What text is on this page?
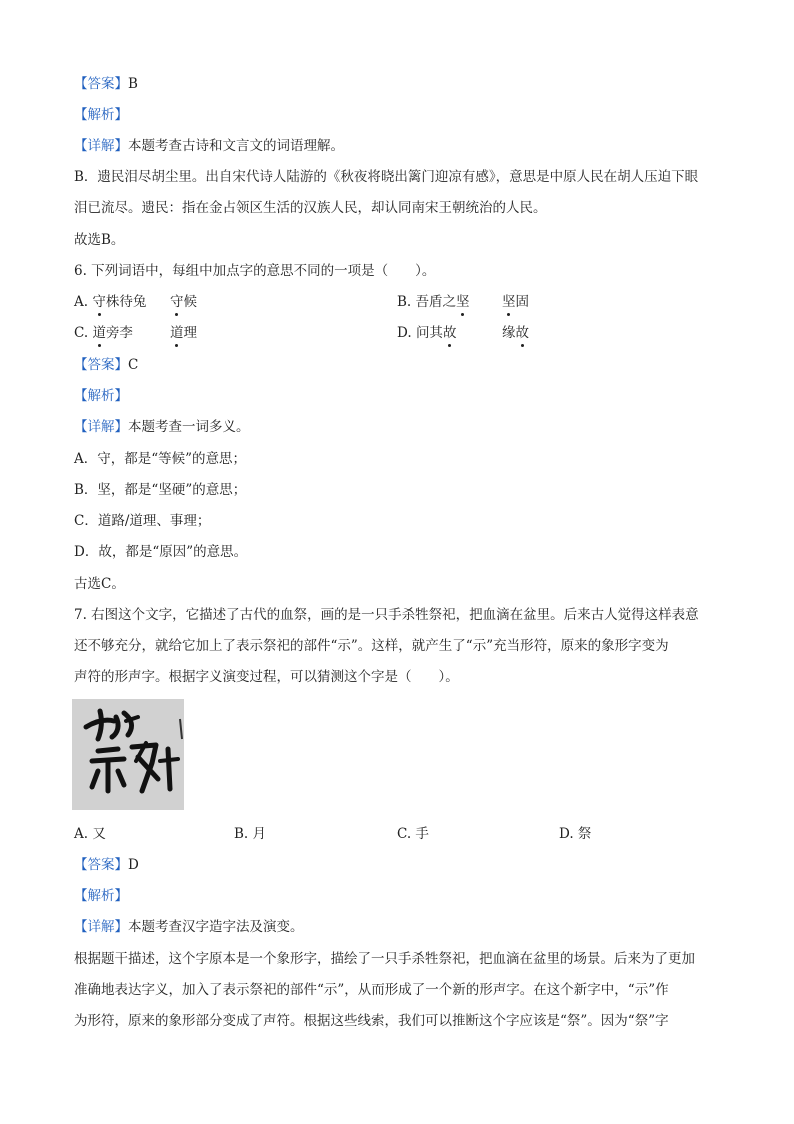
【答案】B
【解析】
【详解】本题考查古诗和文言文的词语理解。
B．遗民泪尽胡尘里。出自宋代诗人陆游的《秋夜将晓出篱门迎凉有感》，意思是中原人民在胡人压迫下眼
泪已流尽。遗民：指在金占领区生活的汉族人民，却认同南宋王朝统治的人民。
故选B。
6. 下列词语中，每组中加点字的意思不同的一项是（　　）。
A. 守株待兔 守候	B. 吾盾之坚 坚固
C. 道旁李	道理	D. 问其故	缘故
【答案】C
【解析】
【详解】本题考查一词多义。
A．守，都是“等候”的意思；
B．坚，都是“坚硬”的意思；
C．道路/道理、事理；
D．故，都是“原因”的意思。
古选C。
7. 右图这个文字，它描述了古代的血祭，画的是一只手杀牲祭祀，把血滴在盆里。后来古人觉得这样表意
还不够充分，就给它加上了表示祭祀的部件“示”。这样，就产生了“示”充当形符，原来的象形字变为
声符的形声字。根据字义演变过程，可以猜测这个字是（　　）。
A. 又	B. 月	C. 手	D. 祭
【答案】D
【解析】
【详解】本题考查汉字造字法及演变。
根据题干描述，这个字原本是一个象形字，描绘了一只手杀牲祭祀，把血滴在盆里的场景。后来为了更加
准确地表达字义，加入了表示祭祀的部件“示”，从而形成了一个新的形声字。在这个新字中，“示”作
为形符，原来的象形部分变成了声符。根据这些线索，我们可以推断这个字应该是“祭”。因为“祭”字
